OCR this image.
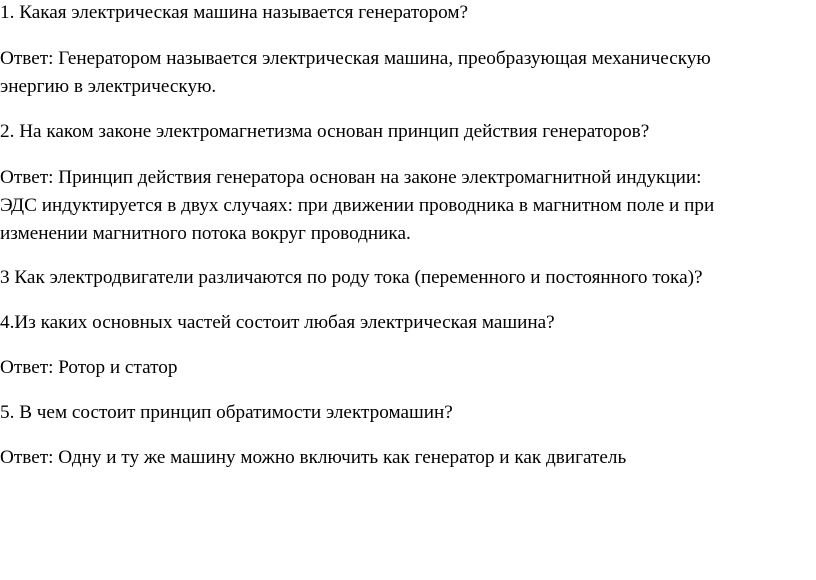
1. Какая электрическая машина называется генератором?
Ответ: Генератором называется электрическая машина, преобразующая механическую
энергию в электрическую.
2. На каком законе электромагнетизма основан принцип действия генераторов?
Ответ: Принцип действия генератора основан на законе электромагнитной индукции:
ЭДС индуктируется в двух случаях: при движении проводника в магнитном поле и при
изменении магнитного потока вокруг проводника.
3 Как электродвигатели различаются по роду тока (переменного и постоянного тока)?
4.Из каких основных частей состоит любая электрическая машина?
Ответ: Ротор и статор
5. В чем состоит принцип обратимости электромашин?
Ответ: Одну и ту же машину можно включить как генератор и как двигатель
